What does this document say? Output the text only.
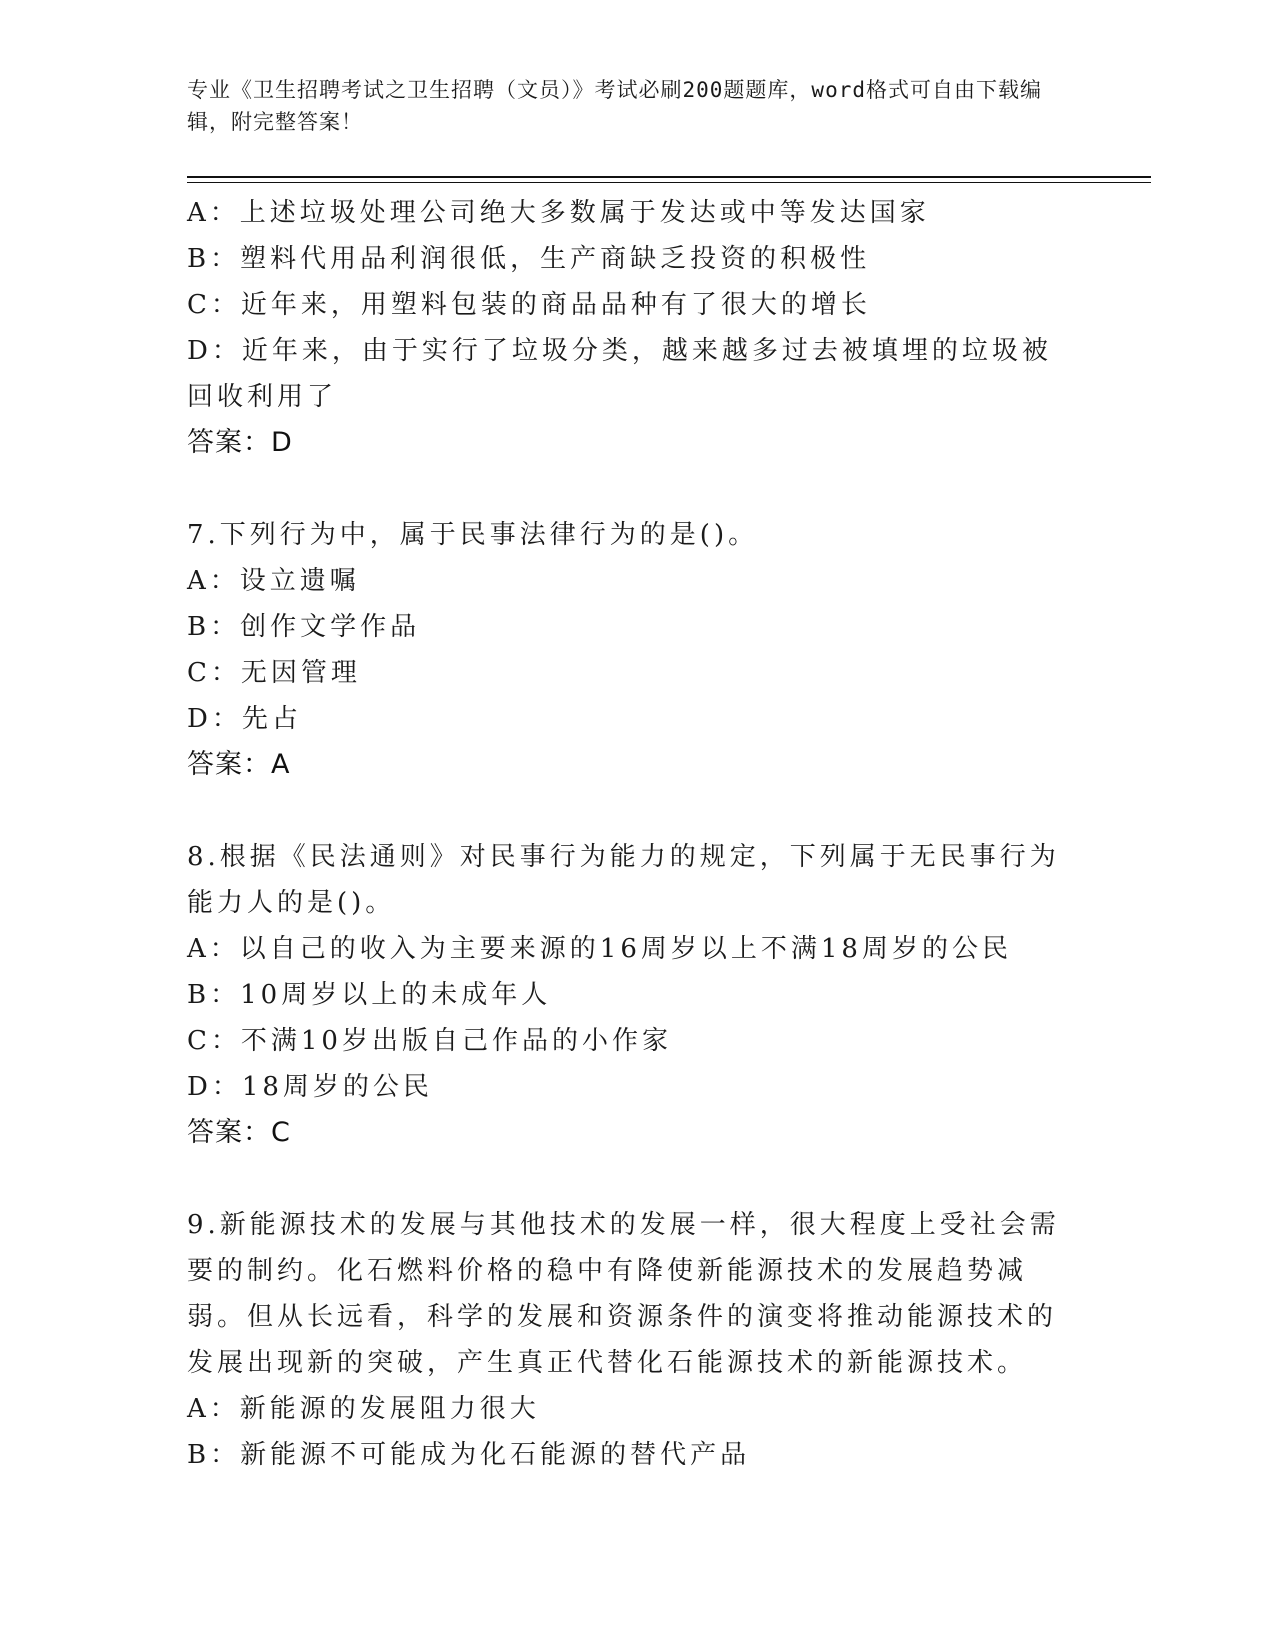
专业《卫生招聘考试之卫生招聘（文员）》考试必刷200题题库，word格式可自由下载编辑，附完整答案！

A：上述垃圾处理公司绝大多数属于发达或中等发达国家

B：塑料代用品利润很低，生产商缺乏投资的积极性

C：近年来，用塑料包装的商品品种有了很大的增长

D：近年来，由于实行了垃圾分类，越来越多过去被填埋的垃圾被回收利用了

答案：D

7.下列行为中，属于民事法律行为的是()。

A：设立遗嘱

B：创作文学作品

C：无因管理

D：先占

答案：A

8.根据《民法通则》对民事行为能力的规定，下列属于无民事行为能力人的是()。

A：以自己的收入为主要来源的16周岁以上不满18周岁的公民

B：10周岁以上的未成年人

C：不满10岁出版自己作品的小作家

D：18周岁的公民

答案：C

9.新能源技术的发展与其他技术的发展一样，很大程度上受社会需要的制约。化石燃料价格的稳中有降使新能源技术的发展趋势减弱。但从长远看，科学的发展和资源条件的演变将推动能源技术的发展出现新的突破，产生真正代替化石能源技术的新能源技术。

A：新能源的发展阻力很大

B：新能源不可能成为化石能源的替代产品
